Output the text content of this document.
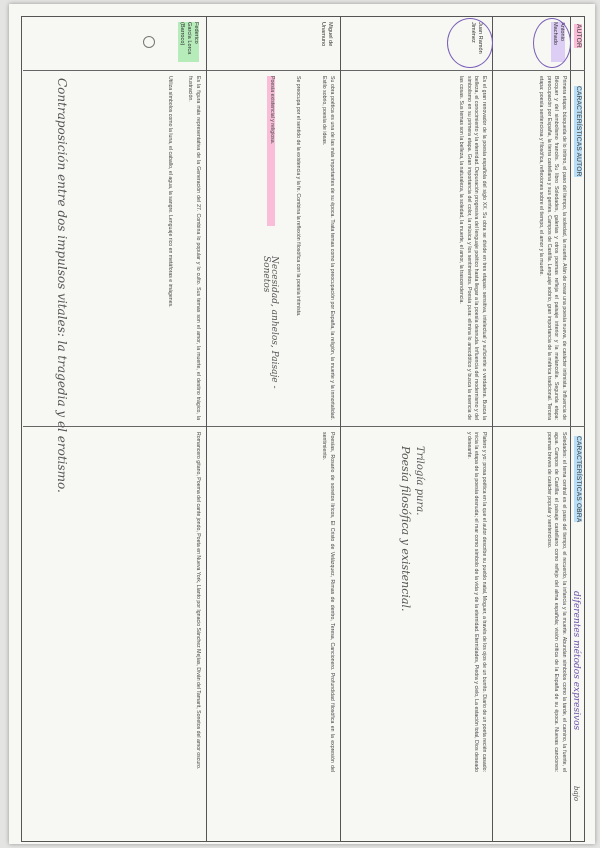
AUTOR
CARACTERÍSTICAS AUTOR
CARACTERÍSTICAS OBRA
Antonio Machado
Primera etapa: búsqueda de lo íntimo, el paso del tiempo, la soledad, la muerte. Afán de crear una poesía nueva, de carácter intimista. Influencia de Bécquer y del simbolismo francés. Su libro Soledades, galerías y otros poemas refleja el paisaje interior y la melancolía. Segunda etapa: preocupación por España, la tierra castellana y sus gentes. Campos de Castilla. Lenguaje sobrio, gran importancia de la métrica tradicional. Tercera etapa: poesía sentenciosa y filosófica, reflexiones sobre el tiempo, el amor y la muerte.
Soledades: el tema central es el paso del tiempo, el recuerdo, la infancia y la muerte. Abundan símbolos como la tarde, el camino, la fuente, el agua. Campos de Castilla: el paisaje castellano como reflejo del alma española; visión crítica de la España de su época. Nuevas canciones: poemas breves de carácter popular y sentencioso.
diferentes métodos expresivos
bajo
Juan Ramón Jiménez
Es el gran renovador de la poesía española del siglo XX. Su obra se divide en tres etapas: sensitiva, intelectual y suficiente o verdadera. Busca la belleza, el conocimiento y la eternidad. Depuración progresiva del lenguaje poético hasta llegar a la poesía desnuda. Influencia del modernismo y del simbolismo en su primera etapa. Gran importancia del color, la música y los sentimientos. Poesía pura: elimina lo anecdótico y busca la esencia de las cosas. Sus temas son la belleza, la naturaleza, la soledad, la muerte, el amor, la trascendencia.
Platero y yo: prosa poética en la que el autor describe su pueblo natal, Moguer, a través de los ojos de un burrito. Diario de un poeta recién casado: inicia la etapa de la poesía desnuda; el mar como símbolo de la vida y de la eternidad. Eternidades, Piedra y cielo, La estación total, Dios deseado y deseante.
Trilogía pura.
Poesía filosófica y existencial.
Miguel de Unamuno
Su obra poética es una de las más importantes de su época. Trata temas como la preocupación por España, la religión, la muerte y la inmortalidad. Estilo sobrio, poesía de ideas.
Se preocupa por el sentido de la existencia y la fe. Combina la reflexión filosófica con la poesía intimista.
Poesía existencial y religiosa.
Necesidad, anhelos, Paisaje - Sonetos
Poesías, Rosario de sonetos líricos, El Cristo de Velázquez, Rimas de dentro, Teresa, Cancionero. Profundidad filosófica en la expresión del sentimiento.
Federico García Lorca (Barroco)
Es la figura más representativa de la Generación del 27. Combina lo popular y lo culto. Sus temas son el amor, la muerte, el destino trágico, la frustración.
Utiliza símbolos como la luna, el caballo, el agua, la sangre. Lenguaje rico en metáforas e imágenes.
Romancero gitano, Poema del cante jondo, Poeta en Nueva York, Llanto por Ignacio Sánchez Mejías, Diván del Tamarit, Sonetos del amor oscuro.
Contraposición entre dos impulsos vitales: la tragedia y el erotismo.
